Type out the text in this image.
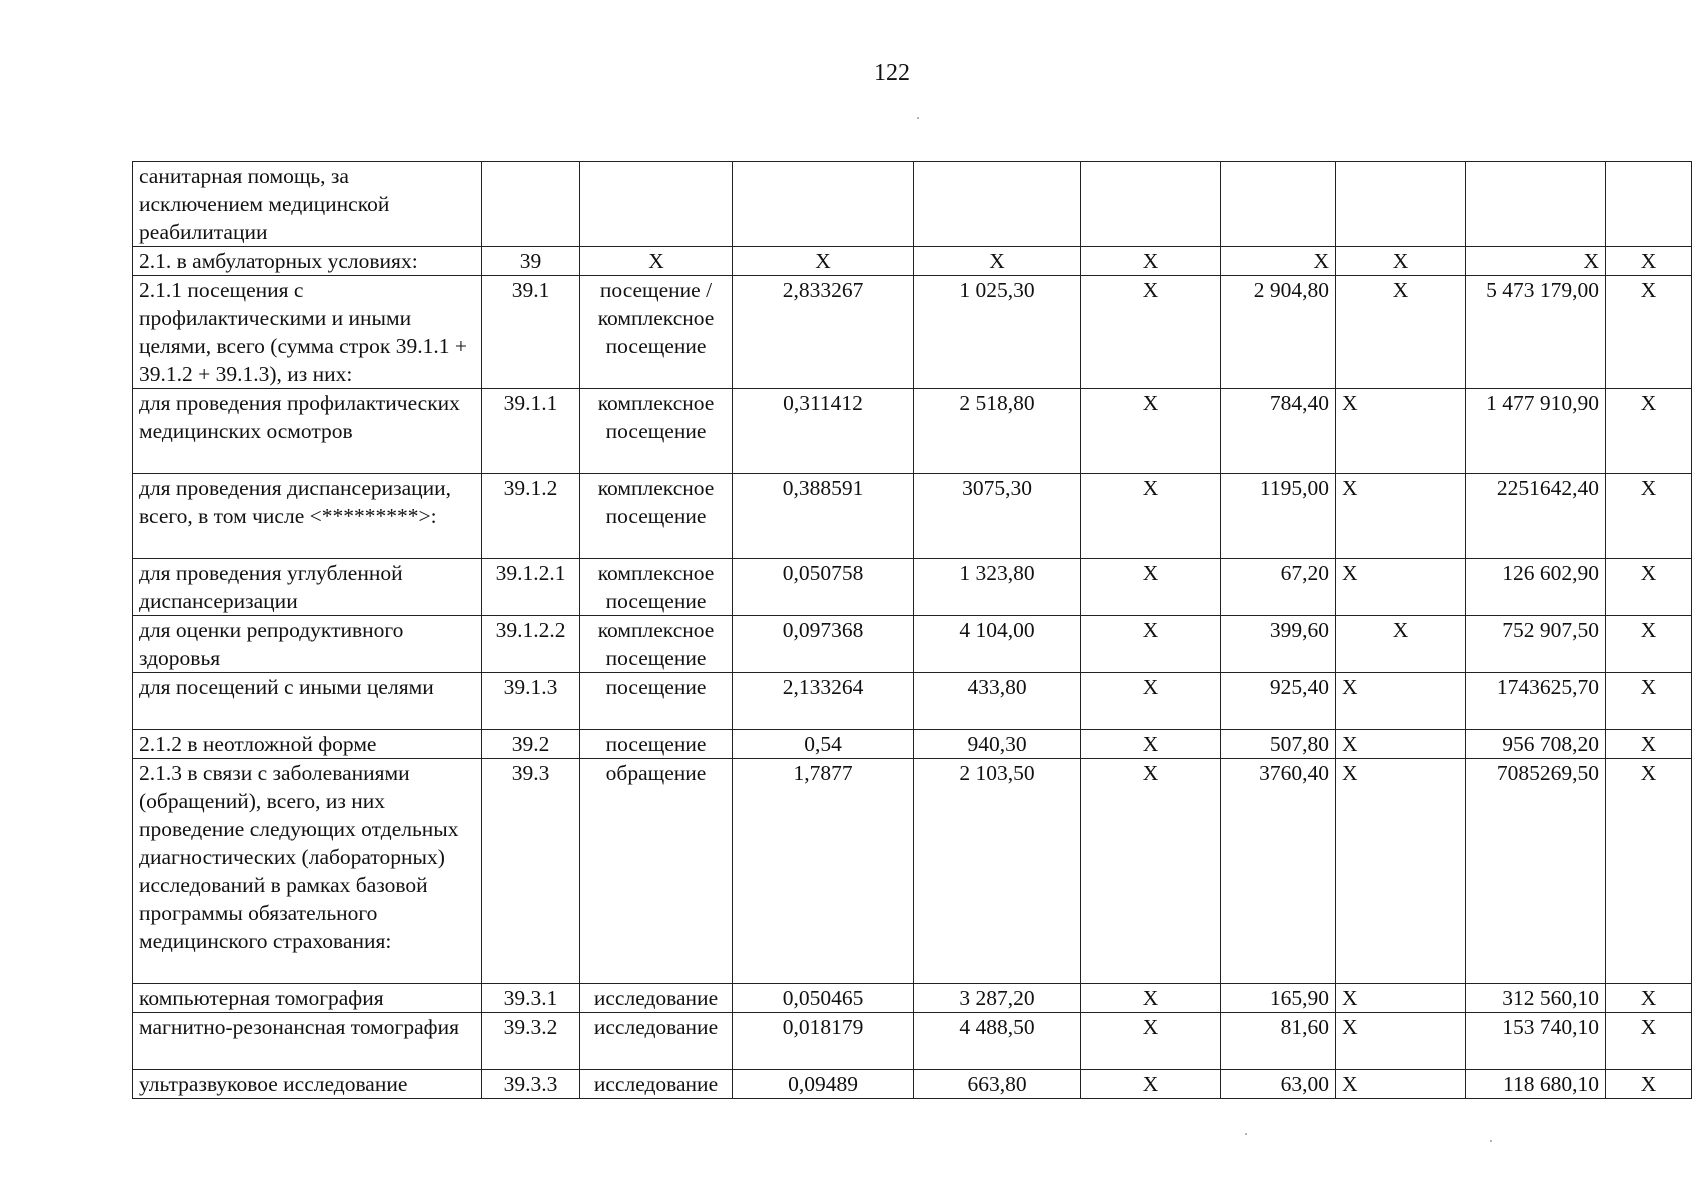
122
санитарная помощь, за исключением медицинской реабилитации									
2.1. в амбулаторных условиях:	39	X	X	X	X	X	X	X	X
2.1.1 посещения с профилактическими и иными целями, всего (сумма строк 39.1.1 + 39.1.2 + 39.1.3), из них:	39.1	посещение / комплексное посещение	2,833267	1 025,30	X	2 904,80	X	5 473 179,00	X
для проведения профилактических медицинских осмотров	39.1.1	комплексное посещение	0,311412	2 518,80	X	784,40	X	1 477 910,90	X
для проведения диспансеризации, всего, в том числе <*********>:	39.1.2	комплексное посещение	0,388591	3075,30	X	1195,00	X	2251642,40	X
для проведения углубленной диспансеризации	39.1.2.1	комплексное посещение	0,050758	1 323,80	X	67,20	X	126 602,90	X
для оценки репродуктивного здоровья	39.1.2.2	комплексное посещение	0,097368	4 104,00	X	399,60	X	752 907,50	X
для посещений с иными целями	39.1.3	посещение	2,133264	433,80	X	925,40	X	1743625,70	X
2.1.2 в неотложной форме	39.2	посещение	0,54	940,30	X	507,80	X	956 708,20	X
2.1.3 в связи с заболеваниями (обращений), всего, из них проведение следующих отдельных диагностических (лабораторных) исследований в рамках базовой программы обязательного медицинского страхования:	39.3	обращение	1,7877	2 103,50	X	3760,40	X	7085269,50	X
компьютерная томография	39.3.1	исследование	0,050465	3 287,20	X	165,90	X	312 560,10	X
магнитно-резонансная томография	39.3.2	исследование	0,018179	4 488,50	X	81,60	X	153 740,10	X
ультразвуковое исследование	39.3.3	исследование	0,09489	663,80	X	63,00	X	118 680,10	X
